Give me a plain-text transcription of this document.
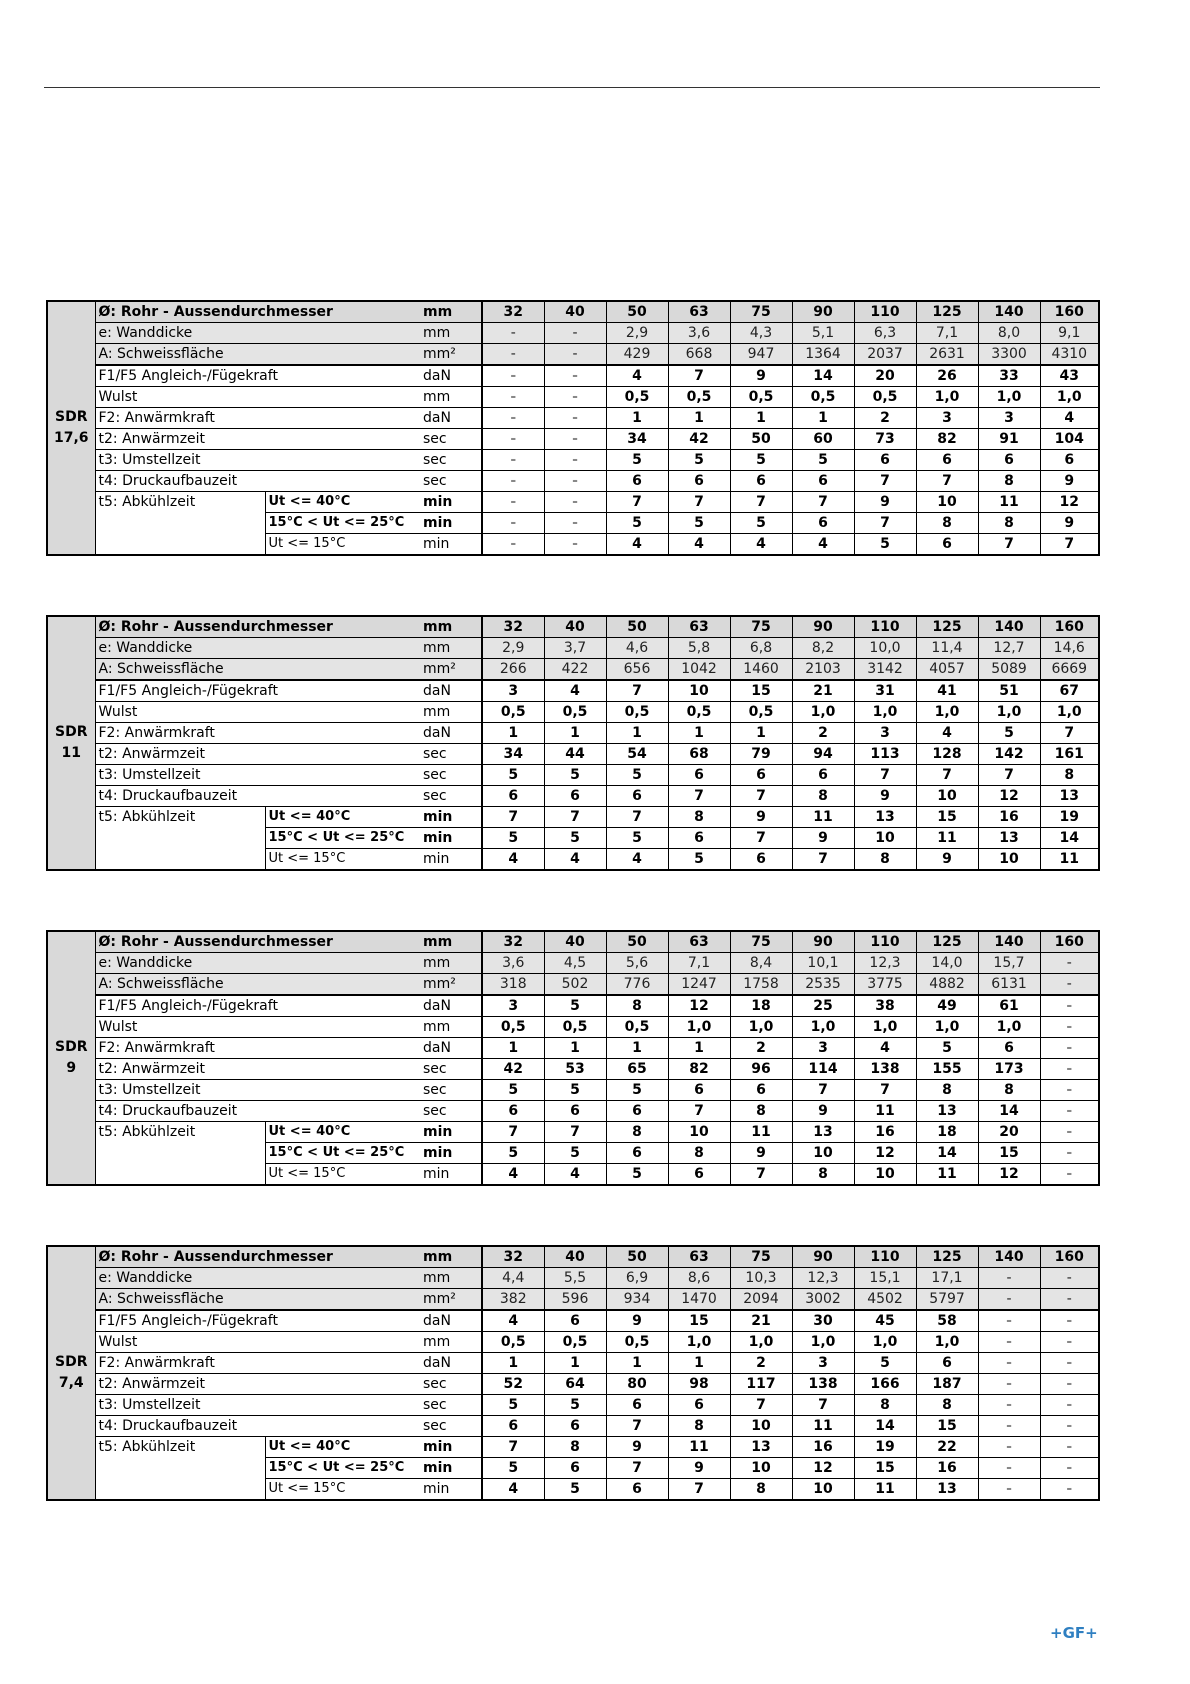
SDR
17,6	Ø: Rohr - Aussendurchmesser		mm	32	40	50	63	75	90	110	125	140	160
	e: Wanddicke		mm	-	-	2,9	3,6	4,3	5,1	6,3	7,1	8,0	9,1
	A: Schweissfläche		mm²	-	-	429	668	947	1364	2037	2631	3300	4310
	F1/F5 Angleich-/Fügekraft		daN	-	-	4	7	9	14	20	26	33	43
	Wulst		mm	-	-	0,5	0,5	0,5	0,5	0,5	1,0	1,0	1,0
	F2: Anwärmkraft		daN	-	-	1	1	1	1	2	3	3	4
	t2: Anwärmzeit		sec	-	-	34	42	50	60	73	82	91	104
	t3: Umstellzeit		sec	-	-	5	5	5	5	6	6	6	6
	t4: Druckaufbauzeit		sec	-	-	6	6	6	6	7	7	8	9
	t5: Abkühlzeit	Ut <= 40°C	min	-	-	7	7	7	7	9	10	11	12
		15°C < Ut <= 25°C	min	-	-	5	5	5	6	7	8	8	9
		Ut <= 15°C	min	-	-	4	4	4	4	5	6	7	7
SDR
11	Ø: Rohr - Aussendurchmesser		mm	32	40	50	63	75	90	110	125	140	160
	e: Wanddicke		mm	2,9	3,7	4,6	5,8	6,8	8,2	10,0	11,4	12,7	14,6
	A: Schweissfläche		mm²	266	422	656	1042	1460	2103	3142	4057	5089	6669
	F1/F5 Angleich-/Fügekraft		daN	3	4	7	10	15	21	31	41	51	67
	Wulst		mm	0,5	0,5	0,5	0,5	0,5	1,0	1,0	1,0	1,0	1,0
	F2: Anwärmkraft		daN	1	1	1	1	1	2	3	4	5	7
	t2: Anwärmzeit		sec	34	44	54	68	79	94	113	128	142	161
	t3: Umstellzeit		sec	5	5	5	6	6	6	7	7	7	8
	t4: Druckaufbauzeit		sec	6	6	6	7	7	8	9	10	12	13
	t5: Abkühlzeit	Ut <= 40°C	min	7	7	7	8	9	11	13	15	16	19
		15°C < Ut <= 25°C	min	5	5	5	6	7	9	10	11	13	14
		Ut <= 15°C	min	4	4	4	5	6	7	8	9	10	11
SDR
9	Ø: Rohr - Aussendurchmesser		mm	32	40	50	63	75	90	110	125	140	160
	e: Wanddicke		mm	3,6	4,5	5,6	7,1	8,4	10,1	12,3	14,0	15,7	-
	A: Schweissfläche		mm²	318	502	776	1247	1758	2535	3775	4882	6131	-
	F1/F5 Angleich-/Fügekraft		daN	3	5	8	12	18	25	38	49	61	-
	Wulst		mm	0,5	0,5	0,5	1,0	1,0	1,0	1,0	1,0	1,0	-
	F2: Anwärmkraft		daN	1	1	1	1	2	3	4	5	6	-
	t2: Anwärmzeit		sec	42	53	65	82	96	114	138	155	173	-
	t3: Umstellzeit		sec	5	5	5	6	6	7	7	8	8	-
	t4: Druckaufbauzeit		sec	6	6	6	7	8	9	11	13	14	-
	t5: Abkühlzeit	Ut <= 40°C	min	7	7	8	10	11	13	16	18	20	-
		15°C < Ut <= 25°C	min	5	5	6	8	9	10	12	14	15	-
		Ut <= 15°C	min	4	4	5	6	7	8	10	11	12	-
SDR
7,4	Ø: Rohr - Aussendurchmesser		mm	32	40	50	63	75	90	110	125	140	160
	e: Wanddicke		mm	4,4	5,5	6,9	8,6	10,3	12,3	15,1	17,1	-	-
	A: Schweissfläche		mm²	382	596	934	1470	2094	3002	4502	5797	-	-
	F1/F5 Angleich-/Fügekraft		daN	4	6	9	15	21	30	45	58	-	-
	Wulst		mm	0,5	0,5	0,5	1,0	1,0	1,0	1,0	1,0	-	-
	F2: Anwärmkraft		daN	1	1	1	1	2	3	5	6	-	-
	t2: Anwärmzeit		sec	52	64	80	98	117	138	166	187	-	-
	t3: Umstellzeit		sec	5	5	6	6	7	7	8	8	-	-
	t4: Druckaufbauzeit		sec	6	6	7	8	10	11	14	15	-	-
	t5: Abkühlzeit	Ut <= 40°C	min	7	8	9	11	13	16	19	22	-	-
		15°C < Ut <= 25°C	min	5	6	7	9	10	12	15	16	-	-
		Ut <= 15°C	min	4	5	6	7	8	10	11	13	-	-
+GF+
